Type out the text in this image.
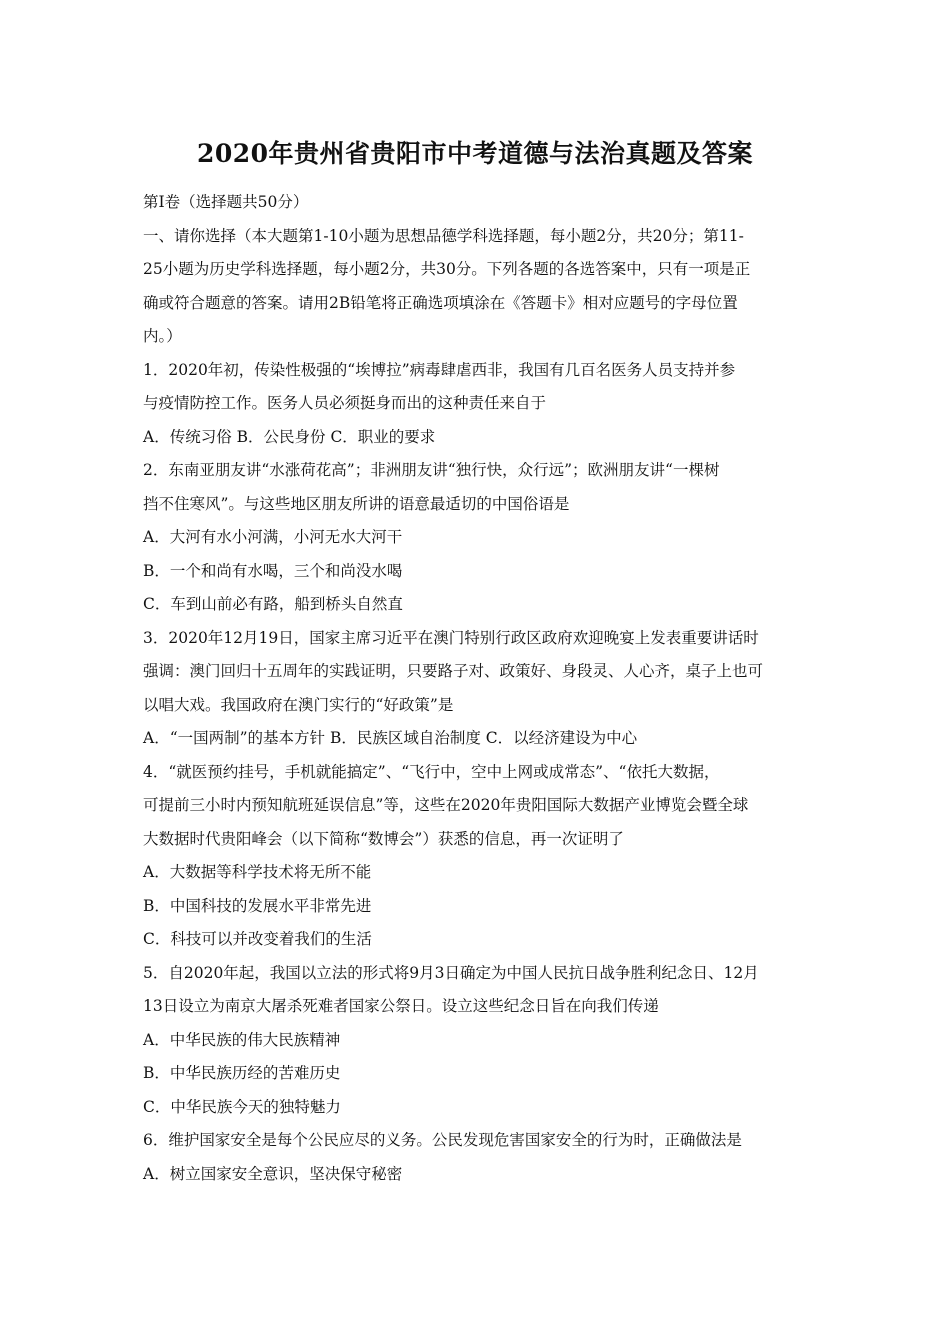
2020年贵州省贵阳市中考道德与法治真题及答案
第Ⅰ卷（选择题共50分）
一、请你选择（本大题第1-10小题为思想品德学科选择题，每小题2分，共20分；第11-
25小题为历史学科选择题，每小题2分，共30分。下列各题的各选答案中，只有一项是正
确或符合题意的答案。请用2B铅笔将正确选项填涂在《答题卡》相对应题号的字母位置
内。）
1．2020年初，传染性极强的“埃博拉”病毒肆虐西非，我国有几百名医务人员支持并参
与疫情防控工作。医务人员必须挺身而出的这种责任来自于
A．传统习俗 B．公民身份 C．职业的要求
2．东南亚朋友讲“水涨荷花高”；非洲朋友讲“独行快，众行远”；欧洲朋友讲“一棵树
挡不住寒风”。与这些地区朋友所讲的语意最适切的中国俗语是
A．大河有水小河满，小河无水大河干
B．一个和尚有水喝，三个和尚没水喝
C．车到山前必有路，船到桥头自然直
3．2020年12月19日，国家主席习近平在澳门特别行政区政府欢迎晚宴上发表重要讲话时
强调：澳门回归十五周年的实践证明，只要路子对、政策好、身段灵、人心齐，桌子上也可
以唱大戏。我国政府在澳门实行的“好政策”是
A．“一国两制”的基本方针 B．民族区域自治制度 C．以经济建设为中心
4．“就医预约挂号，手机就能搞定”、“飞行中，空中上网或成常态”、“依托大数据，
可提前三小时内预知航班延误信息”等，这些在2020年贵阳国际大数据产业博览会暨全球
大数据时代贵阳峰会（以下简称“数博会”）获悉的信息，再一次证明了
A．大数据等科学技术将无所不能
B．中国科技的发展水平非常先进
C．科技可以并改变着我们的生活
5．自2020年起，我国以立法的形式将9月3日确定为中国人民抗日战争胜利纪念日、12月
13日设立为南京大屠杀死难者国家公祭日。设立这些纪念日旨在向我们传递
A．中华民族的伟大民族精神
B．中华民族历经的苦难历史
C．中华民族今天的独特魅力
6．维护国家安全是每个公民应尽的义务。公民发现危害国家安全的行为时，正确做法是
A．树立国家安全意识，坚决保守秘密
